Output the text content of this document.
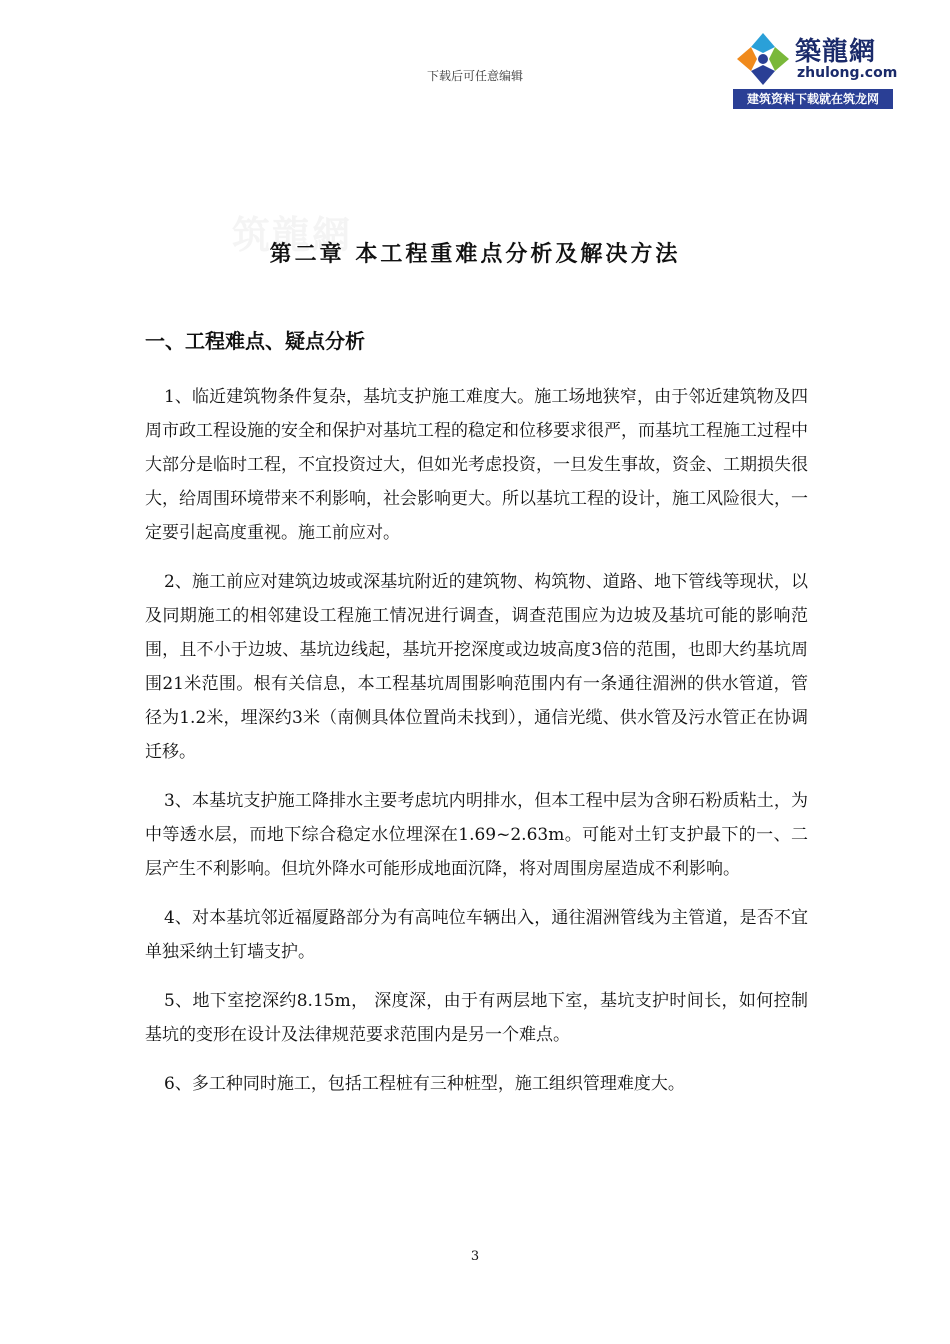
下载后可任意编辑
築龍網
zhulong.com
建筑资料下载就在筑龙网
筑龍網
第二章 本工程重难点分析及解决方法
一、工程难点、疑点分析

1、临近建筑物条件复杂，基坑支护施工难度大。施工场地狭窄，由于邻近建筑物及四周市政工程设施的安全和保护对基坑工程的稳定和位移要求很严，而基坑工程施工过程中大部分是临时工程，不宜投资过大，但如光考虑投资，一旦发生事故，资金、工期损失很大，给周围环境带来不利影响，社会影响更大。所以基坑工程的设计，施工风险很大，一定要引起高度重视。施工前应对。

2、施工前应对建筑边坡或深基坑附近的建筑物、构筑物、道路、地下管线等现状，以及同期施工的相邻建设工程施工情况进行调查，调查范围应为边坡及基坑可能的影响范围，且不小于边坡、基坑边线起，基坑开挖深度或边坡高度3倍的范围，也即大约基坑周围21米范围。根有关信息，本工程基坑周围影响范围内有一条通往湄洲的供水管道，管径为1.2米，埋深约3米（南侧具体位置尚未找到），通信光缆、供水管及污水管正在协调迁移。

3、本基坑支护施工降排水主要考虑坑内明排水，但本工程中层为含卵石粉质粘土，为中等透水层，而地下综合稳定水位埋深在1.69~2.63m。可能对土钉支护最下的一、二层产生不利影响。但坑外降水可能形成地面沉降，将对周围房屋造成不利影响。

4、对本基坑邻近福厦路部分为有高吨位车辆出入，通往湄洲管线为主管道，是否不宜单独采纳土钉墙支护。

5、地下室挖深约8.15m， 深度深，由于有两层地下室，基坑支护时间长，如何控制基坑的变形在设计及法律规范要求范围内是另一个难点。

6、多工种同时施工，包括工程桩有三种桩型，施工组织管理难度大。

3
